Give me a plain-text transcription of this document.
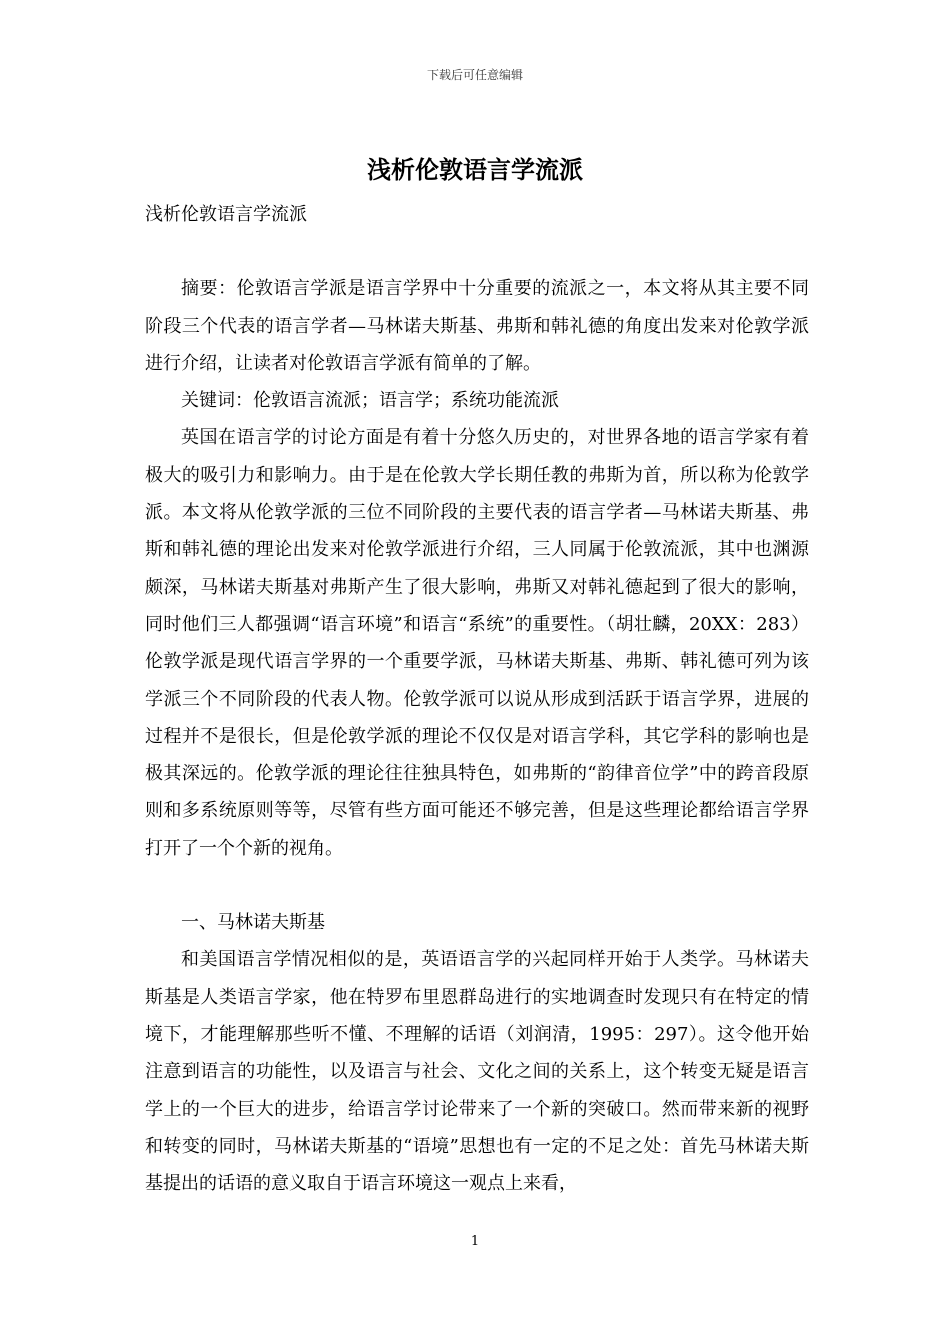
下载后可任意编辑
浅析伦敦语言学流派

浅析伦敦语言学流派

摘要：伦敦语言学派是语言学界中十分重要的流派之一，本文将从其主要不同阶段三个代表的语言学者—马林诺夫斯基、弗斯和韩礼德的角度出发来对伦敦学派进行介绍，让读者对伦敦语言学派有简单的了解。

关键词：伦敦语言流派；语言学；系统功能流派

英国在语言学的讨论方面是有着十分悠久历史的，对世界各地的语言学家有着极大的吸引力和影响力。由于是在伦敦大学长期任教的弗斯为首，所以称为伦敦学派。本文将从伦敦学派的三位不同阶段的主要代表的语言学者—马林诺夫斯基、弗斯和韩礼德的理论出发来对伦敦学派进行介绍，三人同属于伦敦流派，其中也渊源颇深，马林诺夫斯基对弗斯产生了很大影响，弗斯又对韩礼德起到了很大的影响，同时他们三人都强调“语言环境”和语言“系统”的重要性。（胡壮麟，20XX：283）伦敦学派是现代语言学界的一个重要学派，马林诺夫斯基、弗斯、韩礼德可列为该学派三个不同阶段的代表人物。伦敦学派可以说从形成到活跃于语言学界，进展的过程并不是很长，但是伦敦学派的理论不仅仅是对语言学科，其它学科的影响也是极其深远的。伦敦学派的理论往往独具特色，如弗斯的“韵律音位学”中的跨音段原则和多系统原则等等，尽管有些方面可能还不够完善，但是这些理论都给语言学界打开了一个个新的视角。

一、马林诺夫斯基

和美国语言学情况相似的是，英语语言学的兴起同样开始于人类学。马林诺夫斯基是人类语言学家，他在特罗布里恩群岛进行的实地调查时发现只有在特定的情境下，才能理解那些听不懂、不理解的话语（刘润清，1995：297）。这令他开始注意到语言的功能性，以及语言与社会、文化之间的关系上，这个转变无疑是语言学上的一个巨大的进步，给语言学讨论带来了一个新的突破口。然而带来新的视野和转变的同时，马林诺夫斯基的“语境”思想也有一定的不足之处：首先马林诺夫斯基提出的话语的意义取自于语言环境这一观点上来看，

1
